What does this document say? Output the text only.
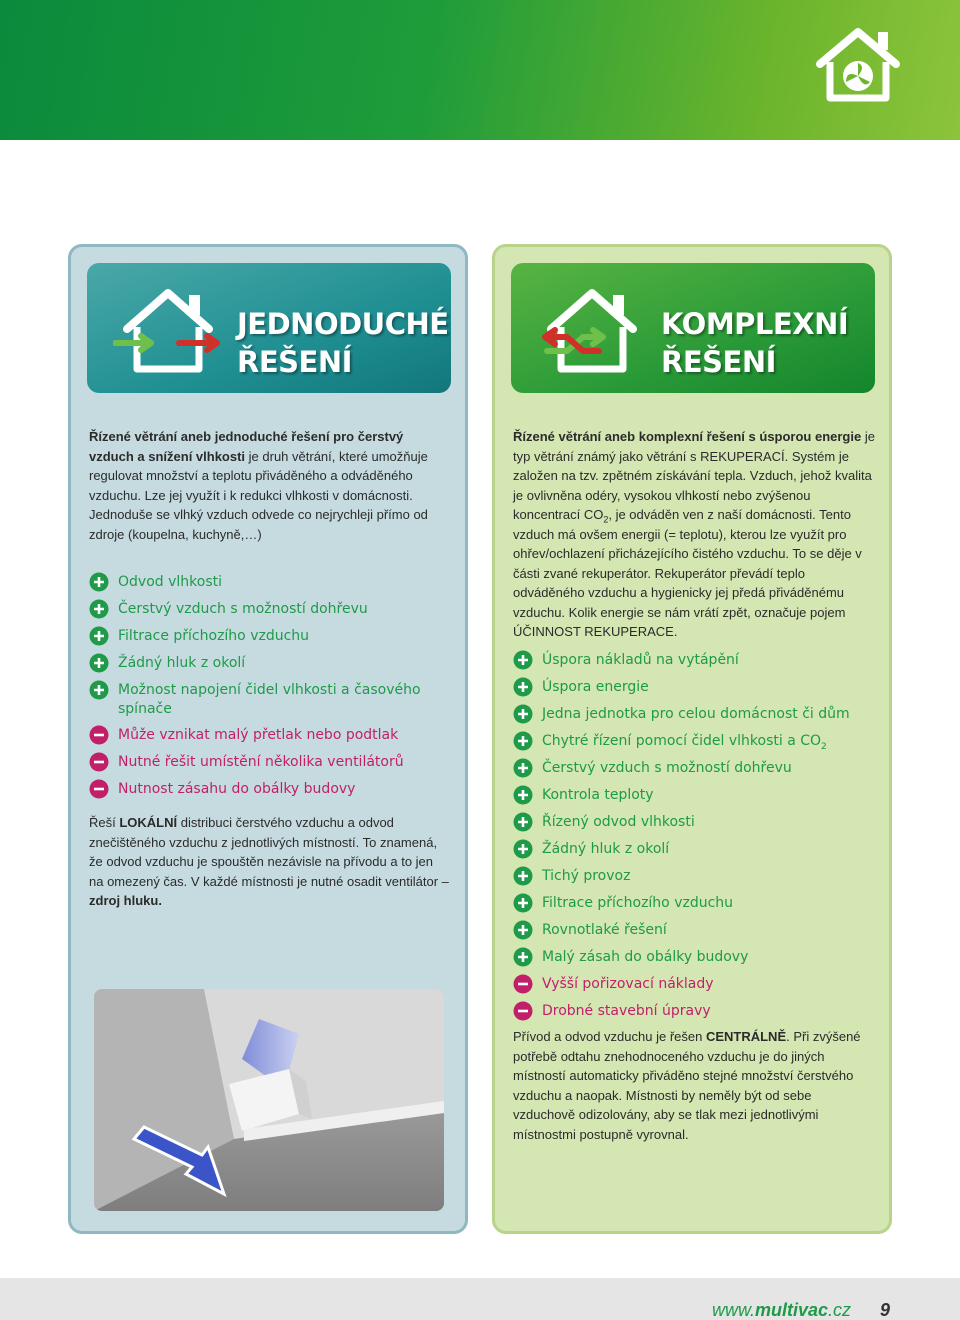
JEDNODUCHÉ
ŘEŠENÍ

Řízené větrání aneb jednoduché řešení pro čerstvý vzduch a snížení vlhkosti je druh větrání, které umožňuje regulovat množství a teplotu přiváděného a odváděného vzduchu. Lze jej využít i k redukci vlhkosti v domácnosti. Jednoduše se vlhký vzduch odvede co nejrychleji přímo od zdroje (koupelna, kuchyně,…)

Odvod vlhkosti
Čerstvý vzduch s možností dohřevu
Filtrace příchozího vzduchu
Žádný hluk z okolí
Možnost napojení čidel vlhkosti a časového spínače
Může vznikat malý přetlak nebo podtlak
Nutné řešit umístění několika ventilátorů
Nutnost zásahu do obálky budovy

Řeší LOKÁLNÍ distribuci čerstvého vzduchu a odvod znečištěného vzduchu z jednotlivých místností. To znamená, že odvod vzduchu je spouštěn nezávisle na přívodu a to jen na omezený čas. V každé místnosti je nutné osadit ventilátor – zdroj hluku.

KOMPLEXNÍ
ŘEŠENÍ

Řízené větrání aneb komplexní řešení s úsporou energie je typ větrání známý jako větrání s REKUPERACÍ. Systém je založen na tzv. zpětném získávání tepla. Vzduch, jehož kvalita je ovlivněna odéry, vysokou vlhkostí nebo zvýšenou koncentrací $CO_2$, je odváděn ven z naší domácnosti. Tento vzduch má ovšem energii (= teplotu), kterou lze využít pro ohřev/ochlazení přicházejícího čistého vzduchu. To se děje v části zvané rekuperátor. Rekuperátor převádí teplo odváděného vzduchu a hygienicky jej předá přiváděnému vzduchu. Kolik energie se nám vrátí zpět, označuje pojem ÚČINNOST REKUPERACE.

Úspora nákladů na vytápění
Úspora energie
Jedna jednotka pro celou domácnost či dům
Chytré řízení pomocí čidel vlhkosti a $CO_2$
Čerstvý vzduch s možností dohřevu
Kontrola teploty
Řízený odvod vlhkosti
Žádný hluk z okolí
Tichý provoz
Filtrace příchozího vzduchu
Rovnotlaké řešení
Malý zásah do obálky budovy
Vyšší pořizovací náklady
Drobné stavební úpravy

Přívod a odvod vzduchu je řešen CENTRÁLNĚ. Při zvýšené potřebě odtahu znehodnoceného vzduchu je do jiných místností automaticky přiváděno stejné množství čerstvého vzduchu a naopak. Místnosti by neměly být od sebe vzduchově odizolovány, aby se tlak mezi jednotlivými místnostmi postupně vyrovnal.

www.multivac.cz 9
